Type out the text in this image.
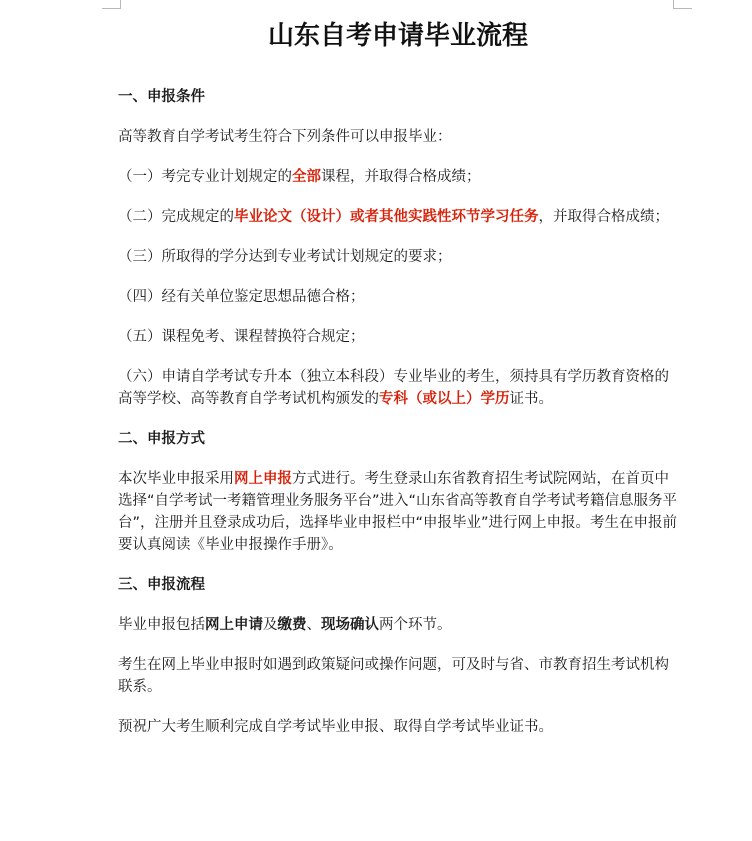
山东自考申请毕业流程
一、申报条件
高等教育自学考试考生符合下列条件可以申报毕业：
（一）考完专业计划规定的全部课程，并取得合格成绩；
（二）完成规定的毕业论文（设计）或者其他实践性环节学习任务，并取得合格成绩；
（三）所取得的学分达到专业考试计划规定的要求；
（四）经有关单位鉴定思想品德合格；
（五）课程免考、课程替换符合规定；
（六）申请自学考试专升本（独立本科段）专业毕业的考生，须持具有学历教育资格的高等学校、高等教育自学考试机构颁发的专科（或以上）学历证书。
二、申报方式
本次毕业申报采用网上申报方式进行。考生登录山东省教育招生考试院网站，在首页中选择“自学考试一考籍管理业务服务平台”进入“山东省高等教育自学考试考籍信息服务平台”，注册并且登录成功后，选择毕业申报栏中“申报毕业”进行网上申报。考生在申报前要认真阅读《毕业申报操作手册》。
三、申报流程
毕业申报包括网上申请及缴费、现场确认两个环节。
考生在网上毕业申报时如遇到政策疑问或操作问题，可及时与省、市教育招生考试机构联系。
预祝广大考生顺利完成自学考试毕业申报、取得自学考试毕业证书。
